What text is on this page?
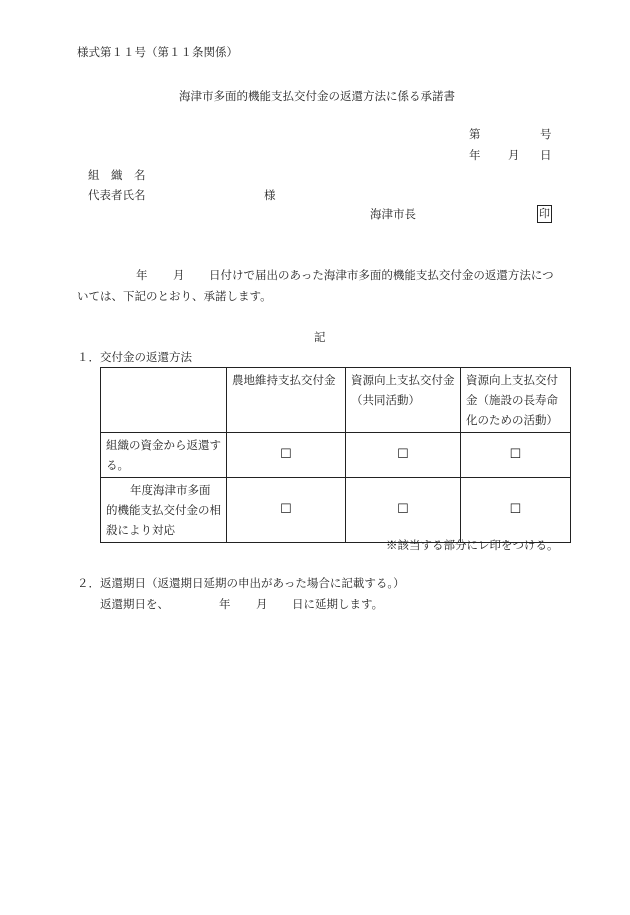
様式第１１号（第１１条関係）
海津市多面的機能支払交付金の返還方法に係る承諾書
第	号
年 月 日
組　織　名
代表者氏名	様
海津市長	印
年 月 日付けで届出のあった海津市多面的機能支払交付金の返還方法につ
いては、下記のとおり、承諾します。
記
１．交付金の返還方法
	農地維持支払交付金	資源向上支払交付金（共同活動）	資源向上支払交付金（施設の長寿命化のための活動）
組織の資金から返還する。	☐	☐	☐
年度海津市多面的機能支払交付金の相殺により対応	☐	☐	☐
※該当する部分にレ印をつける。
２．返還期日（返還期日延期の申出があった場合に記載する。）
返還期日を、	年 月 日に延期します。
